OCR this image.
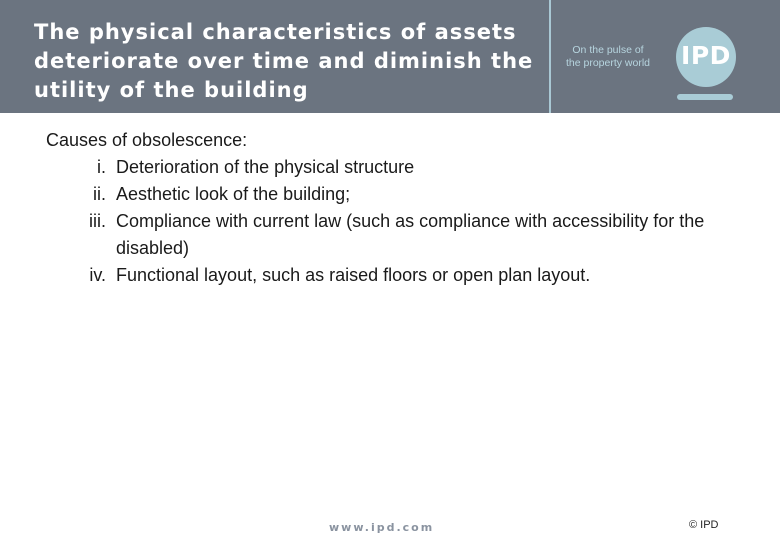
The physical characteristics of assets
deteriorate over time and diminish the
utility of the building
On the pulse of
the property world	IPD

Causes of obsolescence:

i. Deterioration of the physical structure
ii. Aesthetic look of the building;
iii. Compliance with current law (such as compliance with accessibility for the disabled)
iv. Functional layout, such as raised floors or open plan layout.
www.ipd.com	© IPD
